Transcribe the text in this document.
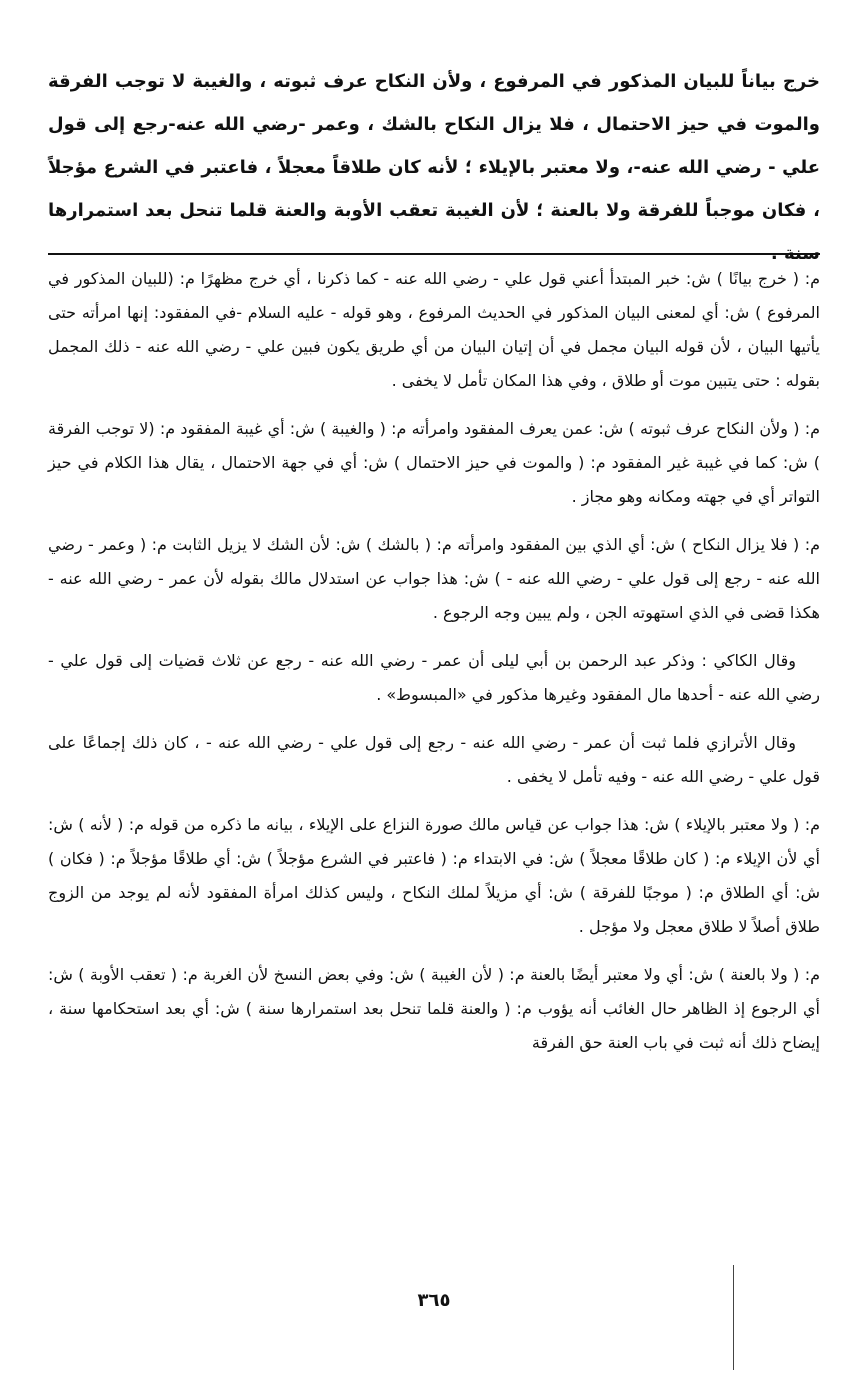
خرج بياناً للبيان المذكور في المرفوع ، ولأن النكاح عرف ثبوته ، والغيبة لا توجب الفرقة والموت في حيز الاحتمال ، فلا يزال النكاح بالشك ، وعمر -رضي الله عنه-رجع إلى قول علي - رضي الله عنه-، ولا معتبر بالإيلاء ؛ لأنه كان طلاقاً معجلاً ، فاعتبر في الشرع مؤجلاً ، فكان موجباً للفرقة ولا بالعنة ؛ لأن الغيبة تعقب الأوبة والعنة قلما تنحل بعد استمرارها سنة .

م: ( خرج بيانًا ) ش: خبر المبتدأ أعني قول علي - رضي الله عنه - كما ذكرنا ، أي خرج مظهرًا م: (للبيان المذكور في المرفوع ) ش: أي لمعنى البيان المذكور في الحديث المرفوع ، وهو قوله - عليه السلام -في المفقود: إنها امرأته حتى يأتيها البيان ، لأن قوله البيان مجمل في أن إتيان البيان من أي طريق يكون فبين علي - رضي الله عنه - ذلك المجمل بقوله : حتى يتبين موت أو طلاق ، وفي هذا المكان تأمل لا يخفى .

م: ( ولأن النكاح عرف ثبوته ) ش: عمن يعرف المفقود وامرأته م: ( والغيبة ) ش: أي غيبة المفقود م: (لا توجب الفرقة ) ش: كما في غيبة غير المفقود م: ( والموت في حيز الاحتمال ) ش: أي في جهة الاحتمال ، يقال هذا الكلام في حيز التواتر أي في جهته ومكانه وهو مجاز .

م: ( فلا يزال النكاح ) ش: أي الذي بين المفقود وامرأته م: ( بالشك ) ش: لأن الشك لا يزيل الثابت م: ( وعمر - رضي الله عنه - رجع إلى قول علي - رضي الله عنه - ) ش: هذا جواب عن استدلال مالك بقوله لأن عمر - رضي الله عنه - هكذا قضى في الذي استهوته الجن ، ولم يبين وجه الرجوع .

وقال الكاكي : وذكر عبد الرحمن بن أبي ليلى أن عمر - رضي الله عنه - رجع عن ثلاث قضيات إلى قول علي - رضي الله عنه - أحدها مال المفقود وغيرها مذكور في «المبسوط» .

وقال الأترازي فلما ثبت أن عمر - رضي الله عنه - رجع إلى قول علي - رضي الله عنه - ، كان ذلك إجماعًا على قول علي - رضي الله عنه - وفيه تأمل لا يخفى .

م: ( ولا معتبر بالإيلاء ) ش: هذا جواب عن قياس مالك صورة النزاع على الإيلاء ، بيانه ما ذكره من قوله م: ( لأنه ) ش: أي لأن الإيلاء م: ( كان طلاقًا معجلاً ) ش: في الابتداء م: ( فاعتبر في الشرع مؤجلاً ) ش: أي طلاقًا مؤجلاً م: ( فكان ) ش: أي الطلاق م: ( موجبًا للفرقة ) ش: أي مزيلاً لملك النكاح ، وليس كذلك امرأة المفقود لأنه لم يوجد من الزوج طلاق أصلاً لا طلاق معجل ولا مؤجل .

م: ( ولا بالعنة ) ش: أي ولا معتبر أيضًا بالعنة م: ( لأن الغيبة ) ش: وفي بعض النسخ لأن الغربة م: ( تعقب الأوبة ) ش: أي الرجوع إذ الظاهر حال الغائب أنه يؤوب م: ( والعنة قلما تنحل بعد استمرارها سنة ) ش: أي بعد استحكامها سنة ، إيضاح ذلك أنه ثبت في باب العنة حق الفرقة

٣٦٥
